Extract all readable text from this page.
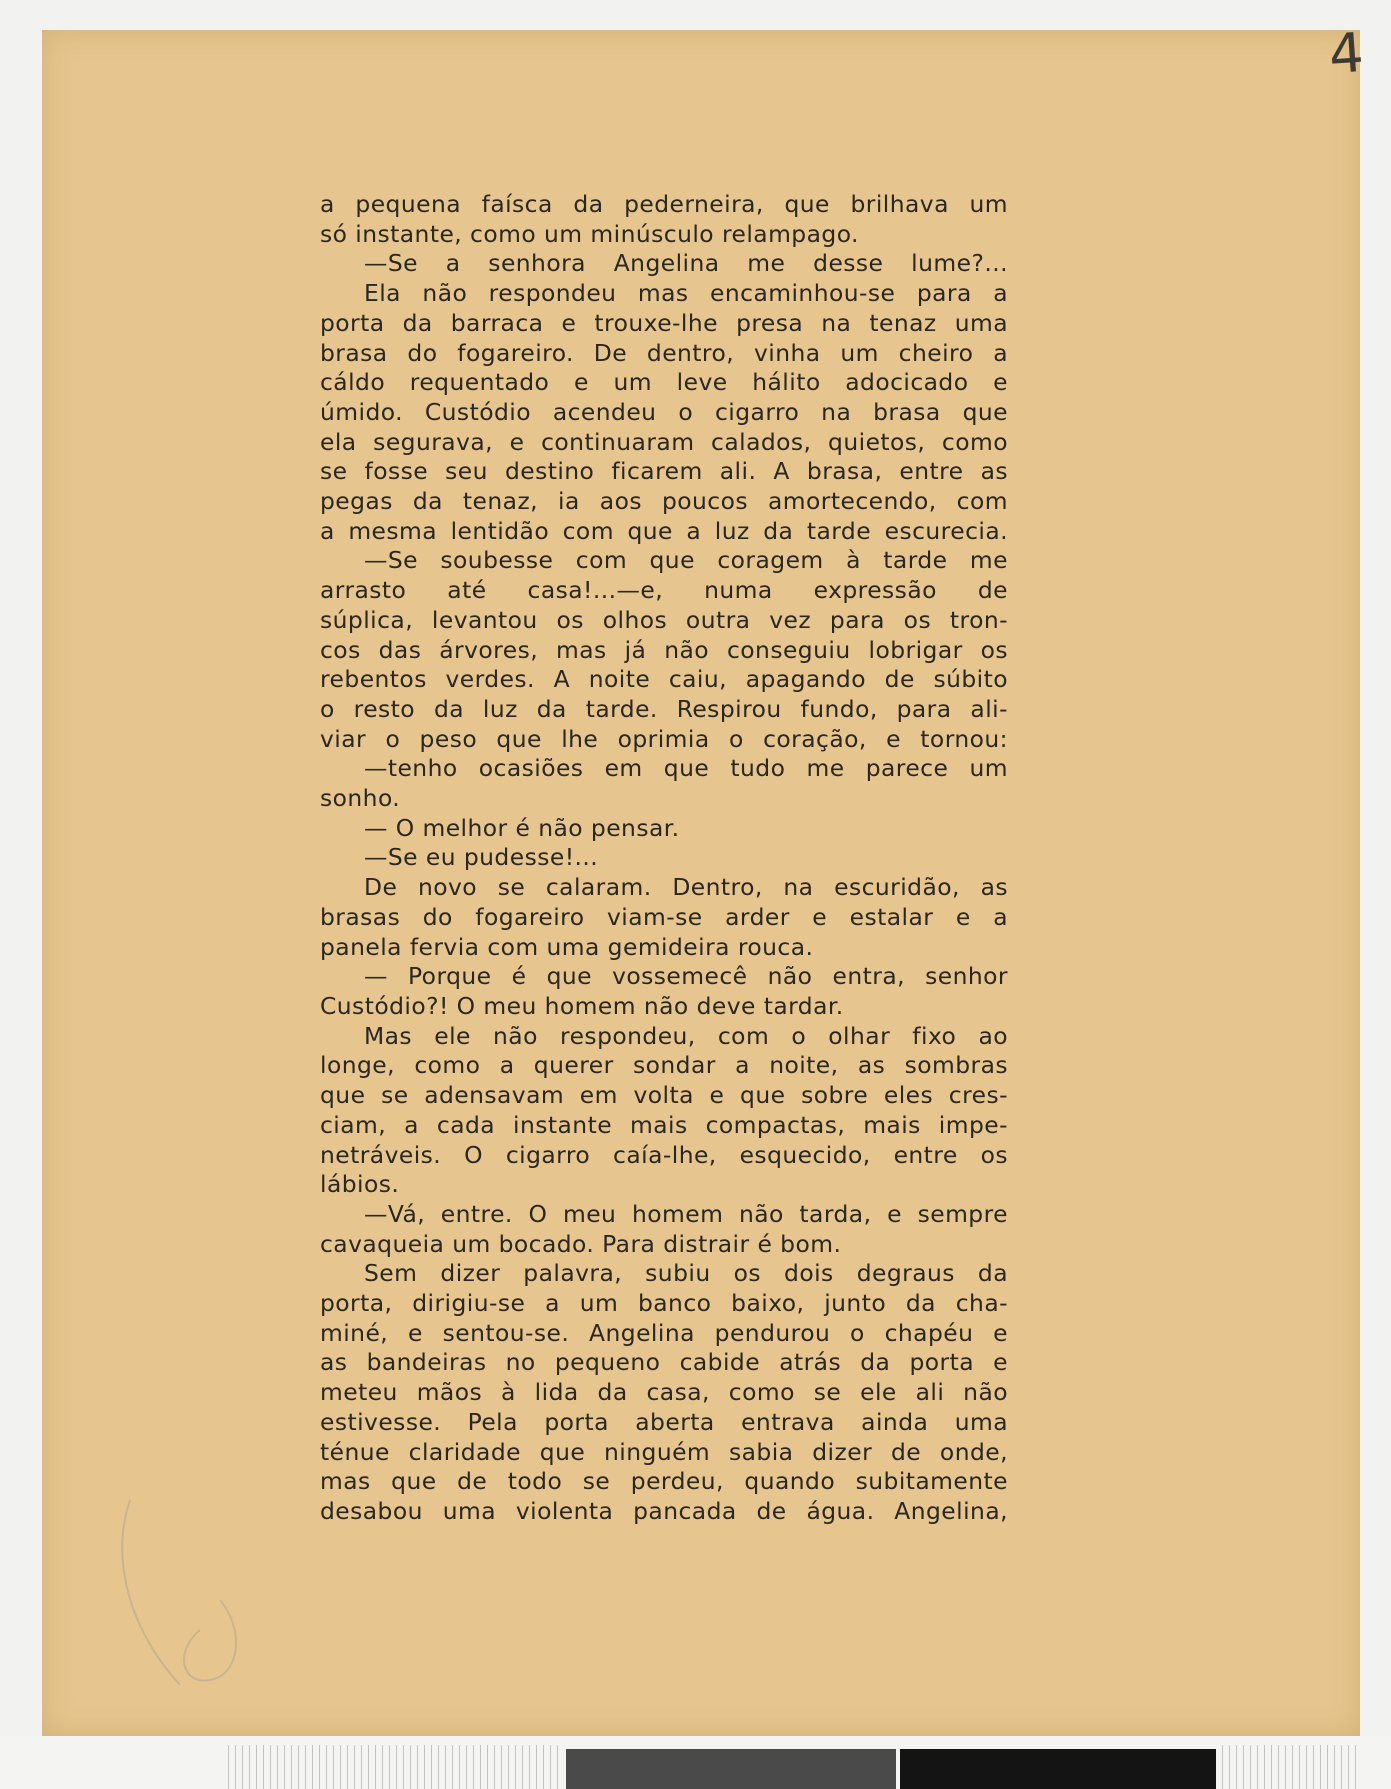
4
a pequena faísca da pederneira, que brilhava um
só instante, como um minúsculo relampago.
—Se a senhora Angelina me desse lume?...
Ela não respondeu mas encaminhou-se para a
porta da barraca e trouxe-lhe presa na tenaz uma
brasa do fogareiro. De dentro, vinha um cheiro a
cáldo requentado e um leve hálito adocicado e
úmido. Custódio acendeu o cigarro na brasa que
ela segurava, e continuaram calados, quietos, como
se fosse seu destino ficarem ali. A brasa, entre as
pegas da tenaz, ia aos poucos amortecendo, com
a mesma lentidão com que a luz da tarde escurecia.
—Se soubesse com que coragem à tarde me
arrasto até casa!...—e, numa expressão de
súplica, levantou os olhos outra vez para os tron-
cos das árvores, mas já não conseguiu lobrigar os
rebentos verdes. A noite caiu, apagando de súbito
o resto da luz da tarde. Respirou fundo, para ali-
viar o peso que lhe oprimia o coração, e tornou:
—tenho ocasiões em que tudo me parece um
sonho.
— O melhor é não pensar.
—Se eu pudesse!...
De novo se calaram. Dentro, na escuridão, as
brasas do fogareiro viam-se arder e estalar e a
panela fervia com uma gemideira rouca.
— Porque é que vossemecê não entra, senhor
Custódio?! O meu homem não deve tardar.
Mas ele não respondeu, com o olhar fixo ao
longe, como a querer sondar a noite, as sombras
que se adensavam em volta e que sobre eles cres-
ciam, a cada instante mais compactas, mais impe-
netráveis. O cigarro caía-lhe, esquecido, entre os
lábios.
—Vá, entre. O meu homem não tarda, e sempre
cavaqueia um bocado. Para distrair é bom.
Sem dizer palavra, subiu os dois degraus da
porta, dirigiu-se a um banco baixo, junto da cha-
miné, e sentou-se. Angelina pendurou o chapéu e
as bandeiras no pequeno cabide atrás da porta e
meteu mãos à lida da casa, como se ele ali não
estivesse. Pela porta aberta entrava ainda uma
ténue claridade que ninguém sabia dizer de onde,
mas que de todo se perdeu, quando subitamente
desabou uma violenta pancada de água. Angelina,
